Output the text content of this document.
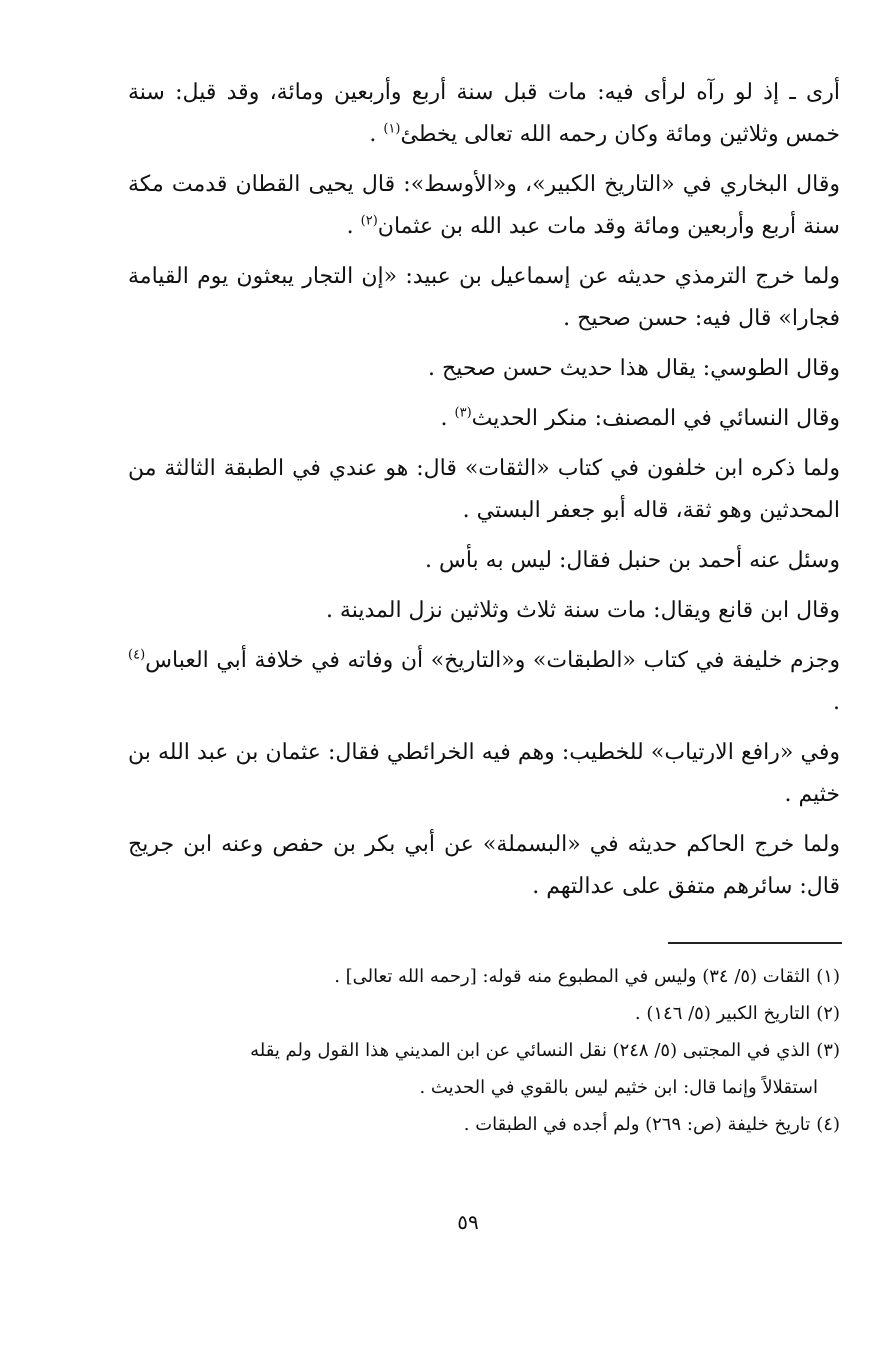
أرى ـ إذ لو رآه لرأى فيه: مات قبل سنة أربع وأربعين ومائة، وقد قيل: سنة خمس وثلاثين ومائة وكان رحمه الله تعالى يخطئ$^{(١)}$ .

وقال البخاري في «التاريخ الكبير»، و«الأوسط»: قال يحيى القطان قدمت مكة سنة أربع وأربعين ومائة وقد مات عبد الله بن عثمان$^{(٢)}$ .

ولما خرج الترمذي حديثه عن إسماعيل بن عبيد: «إن التجار يبعثون يوم القيامة فجارا» قال فيه: حسن صحيح .

وقال الطوسي: يقال هذا حديث حسن صحيح .

وقال النسائي في المصنف: منكر الحديث$^{(٣)}$ .

ولما ذكره ابن خلفون في كتاب «الثقات» قال: هو عندي في الطبقة الثالثة من المحدثين وهو ثقة، قاله أبو جعفر البستي .

وسئل عنه أحمد بن حنبل فقال: ليس به بأس .

وقال ابن قانع ويقال: مات سنة ثلاث وثلاثين نزل المدينة .

وجزم خليفة في كتاب «الطبقات» و«التاريخ» أن وفاته في خلافة أبي العباس$^{(٤)}$ .

وفي «رافع الارتياب» للخطيب: وهم فيه الخرائطي فقال: عثمان بن عبد الله بن خثيم .

ولما خرج الحاكم حديثه في «البسملة» عن أبي بكر بن حفص وعنه ابن جريج قال: سائرهم متفق على عدالتهم .

(١)الثقات (٥/ ٣٤) وليس في المطبوع منه قوله: [رحمه الله تعالى] .

(٢)التاريخ الكبير (٥/ ١٤٦) .

(٣)الذي في المجتبى (٥/ ٢٤٨) نقل النسائي عن ابن المديني هذا القول ولم يقله
استقلالاً وإنما قال: ابن خثيم ليس بالقوي في الحديث .

(٤)تاريخ خليفة (ص: ٢٦٩) ولم أجده في الطبقات .

٥٩
